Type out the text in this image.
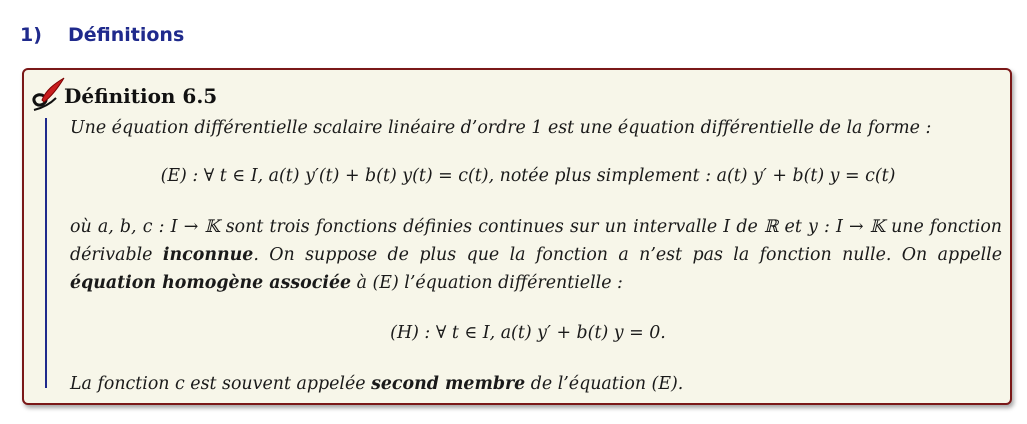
1) Définitions
Définition 6.5

Une équation différentielle scalaire linéaire d’ordre 1 est une équation différentielle de la forme :

(E) : ∀ t ∈ I, a(t) y′(t) + b(t) y(t) = c(t), notée plus simplement : a(t) y′ + b(t) y = c(t)

où a, b, c : I → 𝕂 sont trois fonctions définies continues sur un intervalle I de ℝ et y : I → 𝕂 une fonction dérivable inconnue. On suppose de plus que la fonction a n’est pas la fonction nulle. On appelle équation homogène associée à (E) l’équation différentielle :

(H) : ∀ t ∈ I, a(t) y′ + b(t) y = 0.

La fonction c est souvent appelée second membre de l’équation (E).
